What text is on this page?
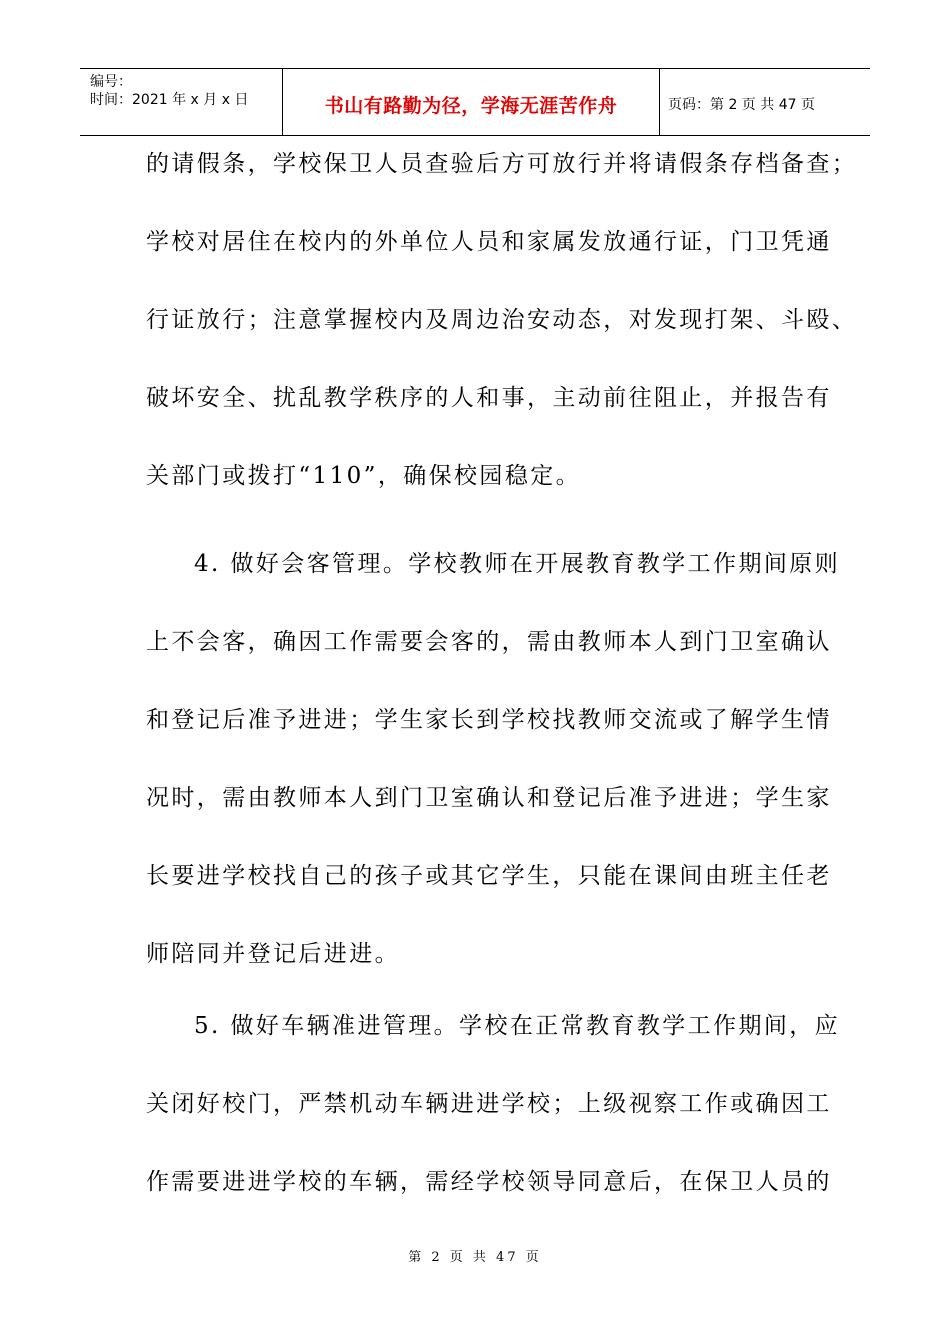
编号：
时间：2021 年 x 月 x 日	书山有路勤为径，学海无涯苦作舟	页码：第 2 页 共 47 页
的请假条，学校保卫人员查验后方可放行并将请假条存档备查；
学校对居住在校内的外单位人员和家属发放通行证，门卫凭通
行证放行；注意掌握校内及周边治安动态，对发现打架、斗殴、
破坏安全、扰乱教学秩序的人和事，主动前往阻止，并报告有
关部门或拨打“110”，确保校园稳定。
4. 做好会客管理。学校教师在开展教育教学工作期间原则
上不会客，确因工作需要会客的，需由教师本人到门卫室确认
和登记后准予进进；学生家长到学校找教师交流或了解学生情
况时，需由教师本人到门卫室确认和登记后准予进进；学生家
长要进学校找自己的孩子或其它学生，只能在课间由班主任老
师陪同并登记后进进。
5. 做好车辆准进管理。学校在正常教育教学工作期间，应
关闭好校门，严禁机动车辆进进学校；上级视察工作或确因工
作需要进进学校的车辆，需经学校领导同意后，在保卫人员的
第 2 页 共 47 页
